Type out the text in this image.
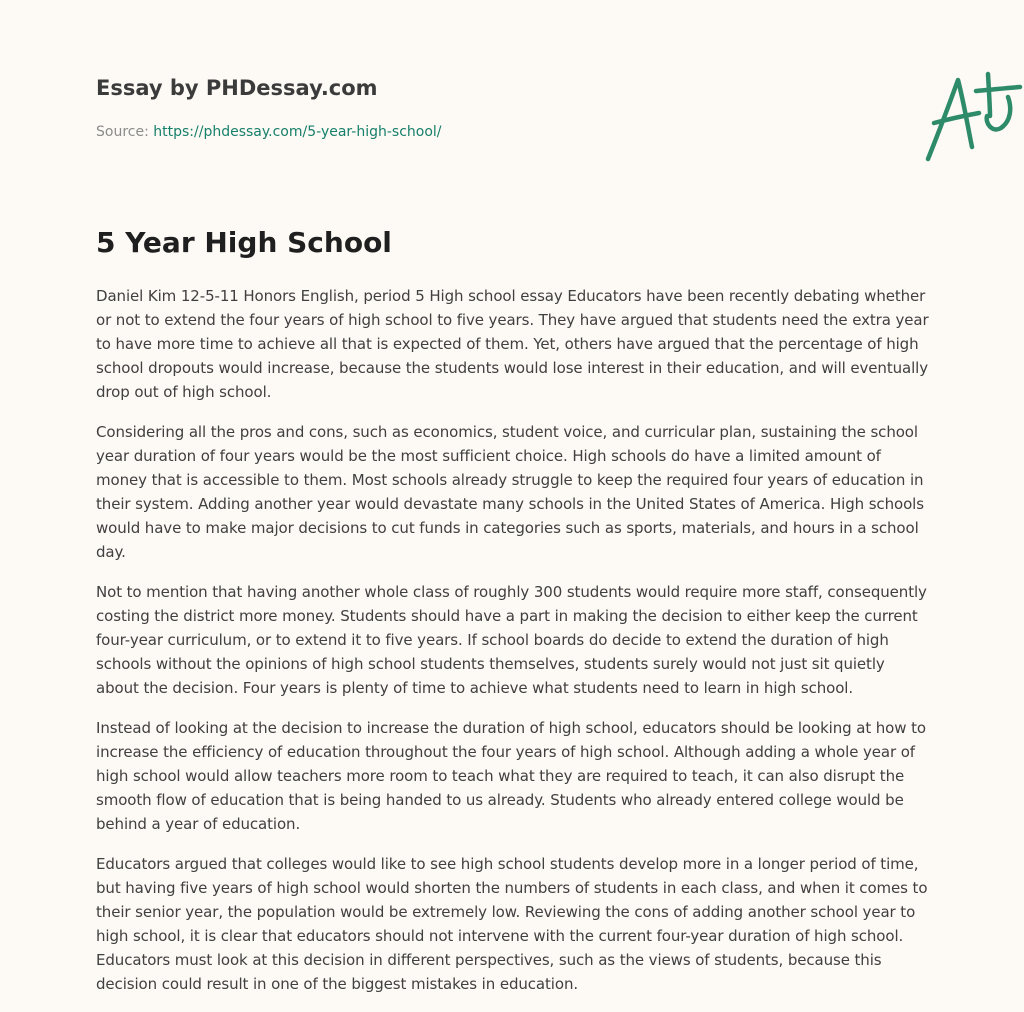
Essay by PHDessay.com
Source: https://phdessay.com/5-year-high-school/
5 Year High School

Daniel Kim 12-5-11 Honors English, period 5 High school essay Educators have been recently debating whether or not to extend the four years of high school to five years. They have argued that students need the extra year to have more time to achieve all that is expected of them. Yet, others have argued that the percentage of high school dropouts would increase, because the students would lose interest in their education, and will eventually drop out of high school.

Considering all the pros and cons, such as economics, student voice, and curricular plan, sustaining the school year duration of four years would be the most sufficient choice. High schools do have a limited amount of money that is accessible to them. Most schools already struggle to keep the required four years of education in their system. Adding another year would devastate many schools in the United States of America. High schools would have to make major decisions to cut funds in categories such as sports, materials, and hours in a school day.

Not to mention that having another whole class of roughly 300 students would require more staff, consequently costing the district more money. Students should have a part in making the decision to either keep the current four-year curriculum, or to extend it to five years. If school boards do decide to extend the duration of high schools without the opinions of high school students themselves, students surely would not just sit quietly about the decision. Four years is plenty of time to achieve what students need to learn in high school.

Instead of looking at the decision to increase the duration of high school, educators should be looking at how to increase the efficiency of education throughout the four years of high school. Although adding a whole year of high school would allow teachers more room to teach what they are required to teach, it can also disrupt the smooth flow of education that is being handed to us already. Students who already entered college would be behind a year of education.

Educators argued that colleges would like to see high school students develop more in a longer period of time, but having five years of high school would shorten the numbers of students in each class, and when it comes to their senior year, the population would be extremely low. Reviewing the cons of adding another school year to high school, it is clear that educators should not intervene with the current four-year duration of high school. Educators must look at this decision in different perspectives, such as the views of students, because this decision could result in one of the biggest mistakes in education.
